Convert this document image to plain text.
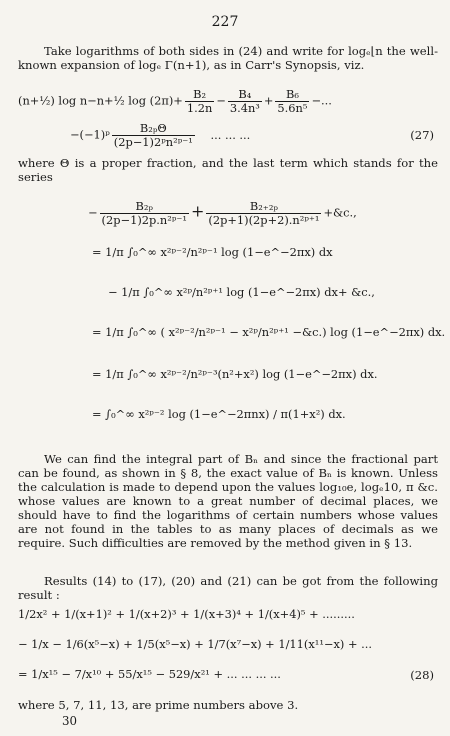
227
Take logarithms of both sides in (24) and write for logₑ⌊n the well-known expansion of logₑ Γ(n+1), as in Carr's Synopsis, viz.
(n+½) log n−n+½ $\log (2\pi)+ \frac{\text{B₂}}{1.2n} - \frac{\text{B₄}}{\text{3.4n³}} + \frac{\text{B₆}}{\text{5.6n⁵}}$ −...
−(−1)ᵖ $\frac{\text{B₂ₚΘ}}{\text{(2p−1)2ᵖn²ᵖ⁻¹}}$ ... ... ...	(27)
where Θ is a proper fraction, and the last term which stands for the series
− $\frac{\text{B₂ₚ}}{\text{(2p−1)2p.n²ᵖ⁻¹}} + \frac{\text{B₂₊₂ₚ}}{\text{(2p+1)(2p+2).n²ᵖ⁺¹}}$ +&c.,
= 1/π ∫₀^∞ x²ᵖ⁻²/n²ᵖ⁻¹ log (1−e^−2πx) dx
− 1/π ∫₀^∞ x²ᵖ/n²ᵖ⁺¹ log (1−e^−2πx) dx+ &c.,
= 1/π ∫₀^∞ ( x²ᵖ⁻²/n²ᵖ⁻¹ − x²ᵖ/n²ᵖ⁺¹ −&c.) log (1−e^−2πx) dx.
= 1/π ∫₀^∞ x²ᵖ⁻²/n²ᵖ⁻³(n²+x²) log (1−e^−2πx) dx.
= ∫₀^∞ x²ᵖ⁻² log (1−e^−2πnx) / π(1+x²) dx.
We can find the integral part of Bₙ and since the fractional part can be found, as shown in § 8, the exact value of Bₙ is known. Unless the calculation is made to depend upon the values log₁₀e, logₑ10, π &c. whose values are known to a great number of decimal places, we should have to find the logarithms of certain numbers whose values are not found in the tables to as many places of decimals as we require. Such difficulties are removed by the method given in § 13.
Results (14) to (17), (20) and (21) can be got from the following result :
1/2x² + 1/(x+1)² + 1/(x+2)³ + 1/(x+3)⁴ + 1/(x+4)⁵ + .........
− 1/x − 1/6(x⁵−x) + 1/5(x⁵−x) + 1/7(x⁷−x) + 1/11(x¹¹−x) + ...
= 1/x¹⁵ − 7/x¹⁰ + 55/x¹⁵ − 529/x²¹ + ... ... ... ...	(28)
where 5, 7, 11, 13, are prime numbers above 3.
30
